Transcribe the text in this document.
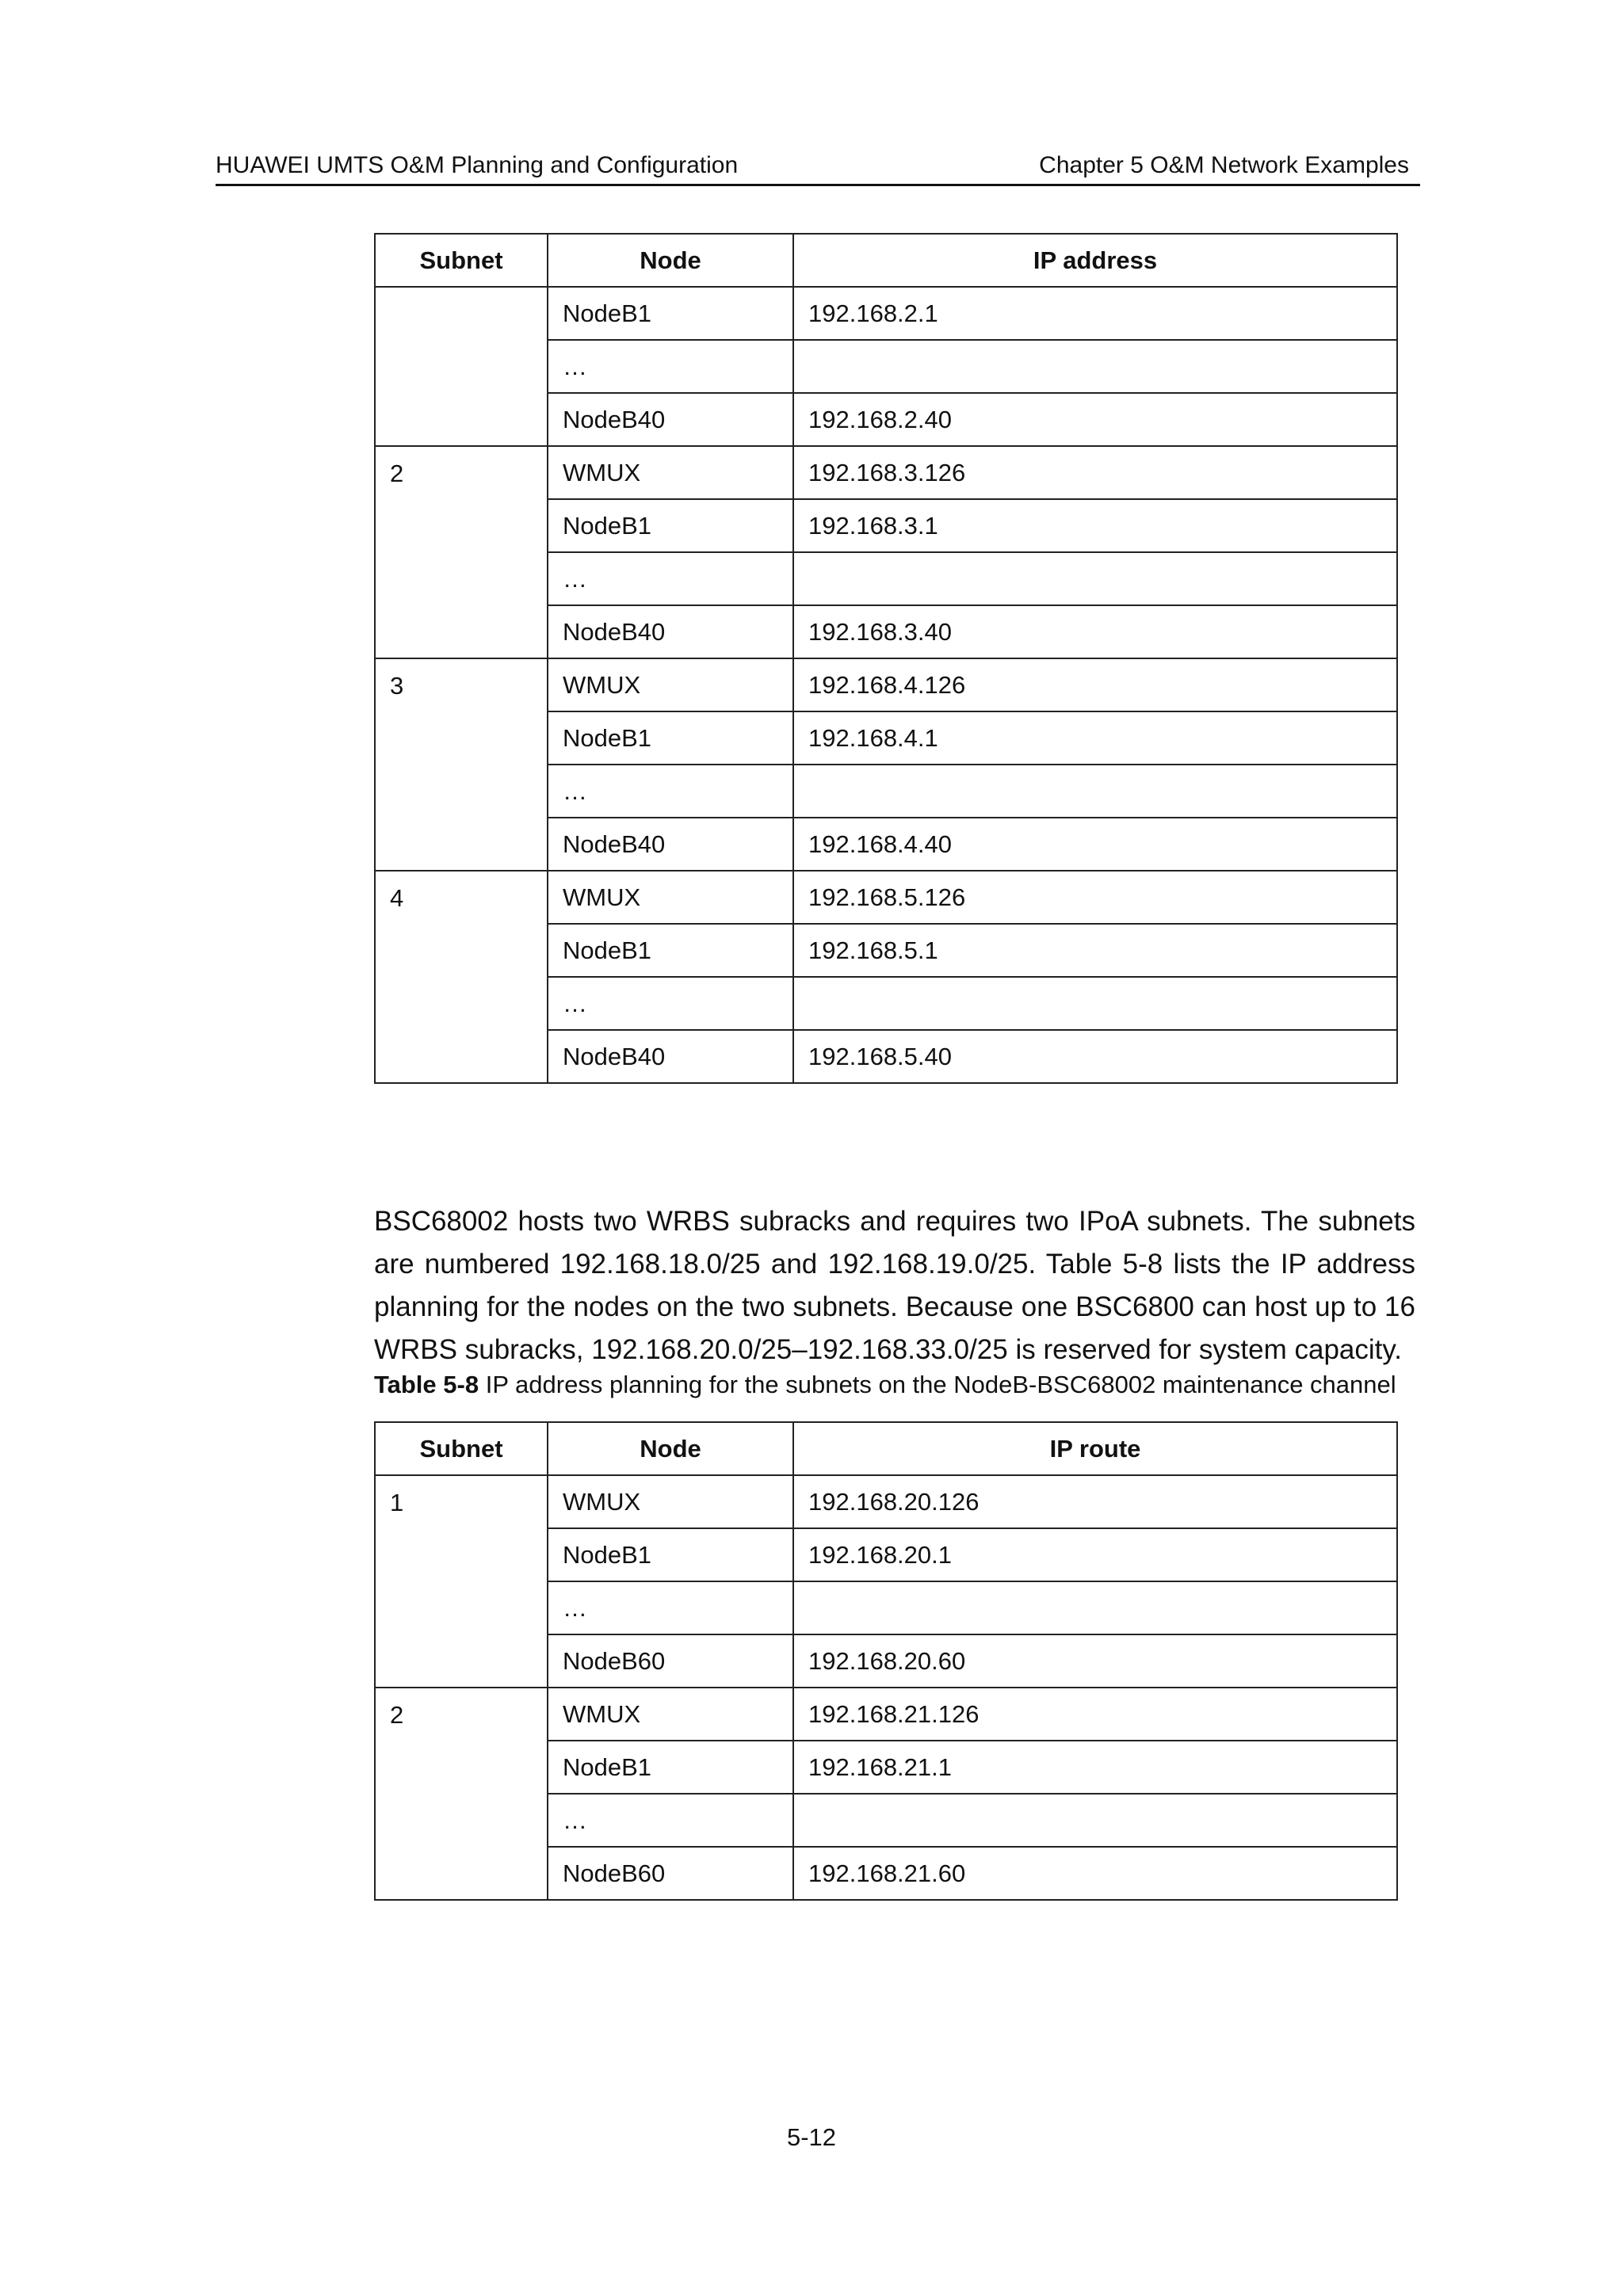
HUAWEI UMTS O&M Planning and Configuration	Chapter 5 O&M Network Examples
Subnet	Node	IP address
	NodeB1	192.168.2.1
	…	
	NodeB40	192.168.2.40
2	WMUX	192.168.3.126
	NodeB1	192.168.3.1
	…	
	NodeB40	192.168.3.40
3	WMUX	192.168.4.126
	NodeB1	192.168.4.1
	…	
	NodeB40	192.168.4.40
4	WMUX	192.168.5.126
	NodeB1	192.168.5.1
	…	
	NodeB40	192.168.5.40

BSC68002 hosts two WRBS subracks and requires two IPoA subnets. The subnets are numbered 192.168.18.0/25 and 192.168.19.0/25. Table 5-8 lists the IP address planning for the nodes on the two subnets. Because one BSC6800 can host up to 16 WRBS subracks, 192.168.20.0/25–192.168.33.0/25 is reserved for system capacity.

Table 5-8 IP address planning for the subnets on the NodeB-BSC68002 maintenance channel
Subnet	Node	IP route
1	WMUX	192.168.20.126
	NodeB1	192.168.20.1
	…	
	NodeB60	192.168.20.60
2	WMUX	192.168.21.126
	NodeB1	192.168.21.1
	…	
	NodeB60	192.168.21.60
5-12
